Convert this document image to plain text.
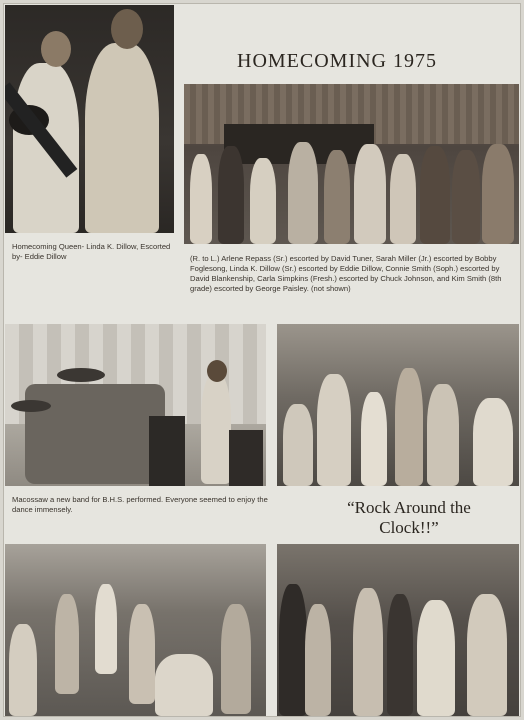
HOMECOMING 1975
Homecoming Queen- Linda K. Dillow, Escorted by- Eddie Dillow	(R. to L.) Arlene Repass (Sr.) escorted by David Tuner, Sarah Miller (Jr.) escorted by Bobby Foglesong, Linda K. Dillow (Sr.) escorted by Eddie Dillow, Connie Smith (Soph.) escorted by David Blankenship, Carla Simpkins (Fresh.) escorted by Chuck Johnson, and Kim Smith (8th grade) escorted by George Paisley. (not shown)
Macossaw a new band for B.H.S. performed. Everyone seemed to enjoy the dance immensely.	“Rock Around the
Clock!!”
